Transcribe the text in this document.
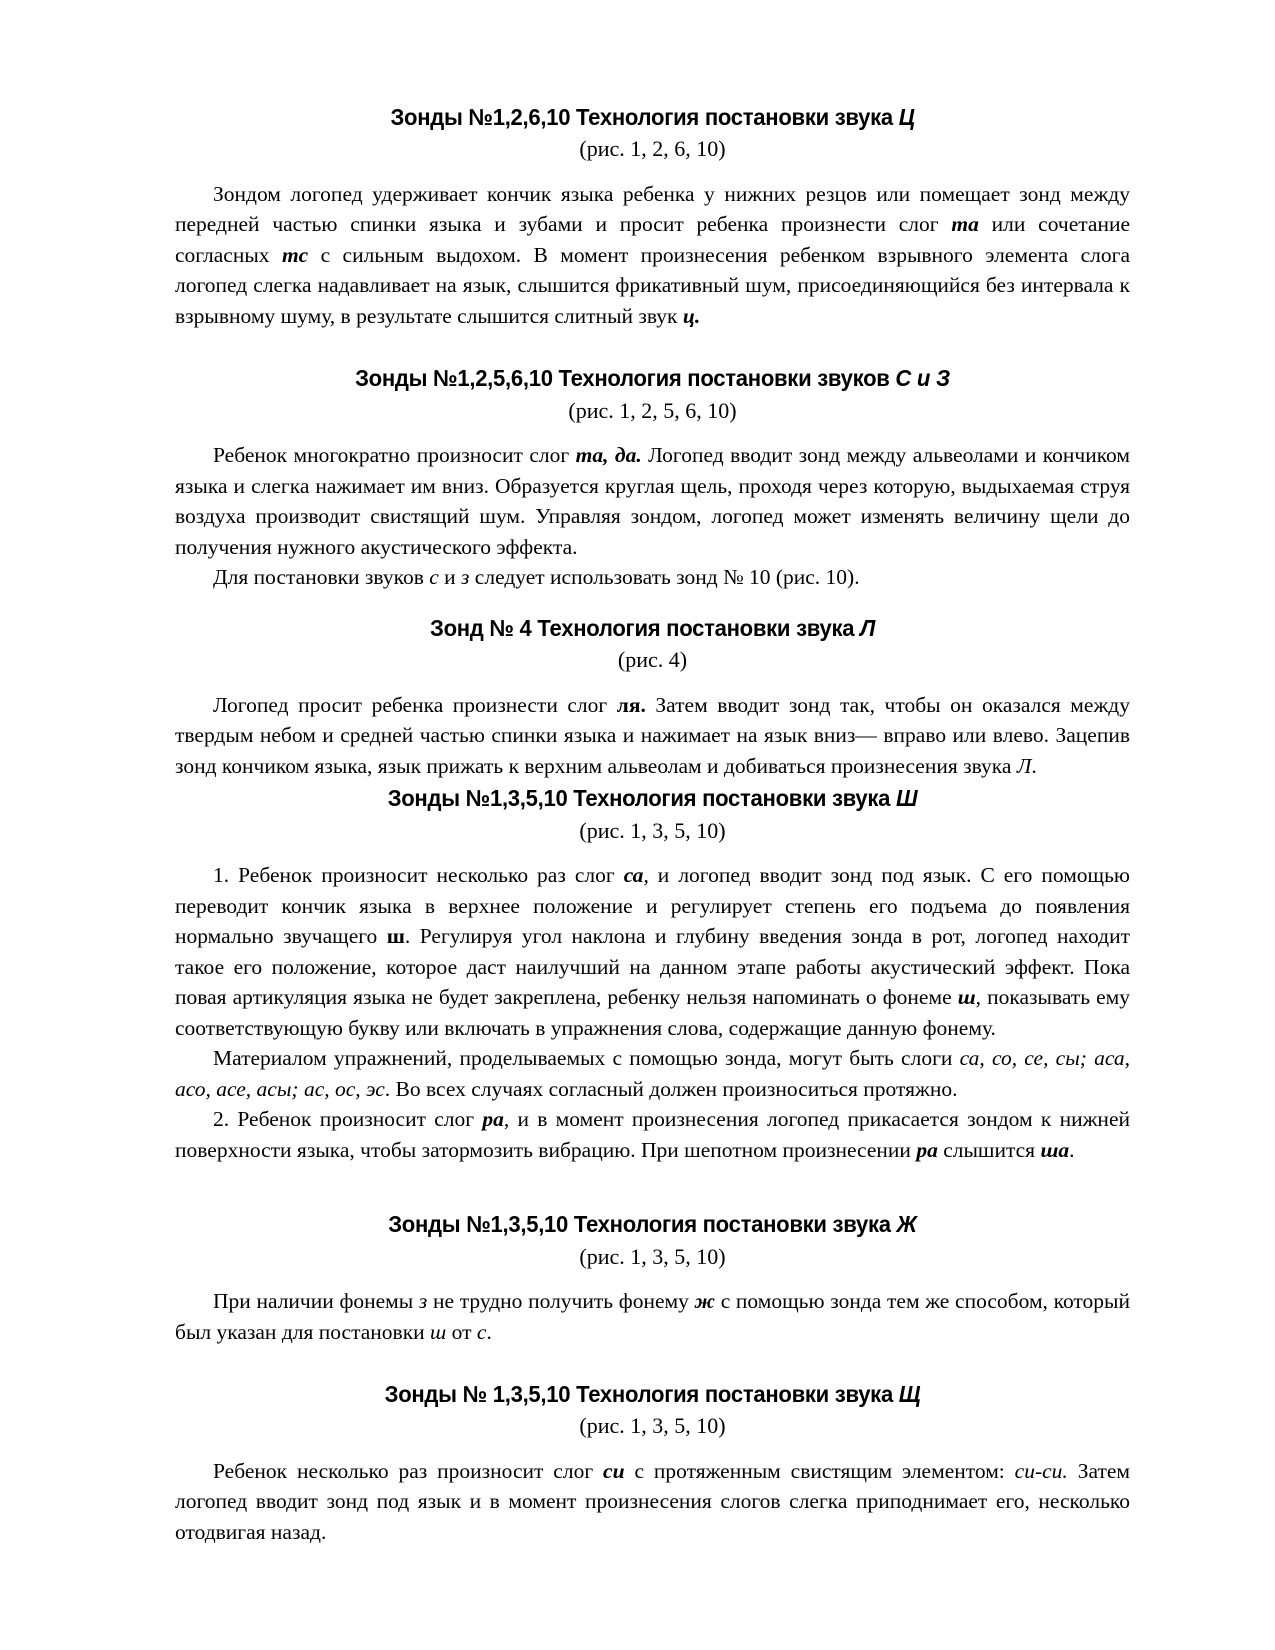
Зонды №1,2,6,10 Технология постановки звука Ц

(рис. 1, 2, 6, 10)

Зондом логопед удерживает кончик языка ребенка у нижних резцов или помещает зонд между передней частью спинки языка и зубами и просит ребенка произнести слог та или сочетание согласных тс с сильным выдохом. В момент произнесения ребенком взрывного элемента слога логопед слегка надавливает на язык, слышится фрикативный шум, присоединяющийся без интервала к взрывному шуму, в результате слышится слитный звук ц.

Зонды №1,2,5,6,10 Технология постановки звуков С и З

(рис. 1, 2, 5, 6, 10)

Ребенок многократно произносит слог та, да. Логопед вводит зонд между альвеолами и кончиком языка и слегка нажимает им вниз. Образуется круглая щель, проходя через которую, выдыхаемая струя воздуха производит свистящий шум. Управляя зондом, логопед может изменять величину щели до получения нужного акустического эффекта.

Для постановки звуков с и з следует использовать зонд № 10 (рис. 10).

Зонд № 4 Технология постановки звука Л

(рис. 4)

Логопед просит ребенка произнести слог ля. Затем вводит зонд так, чтобы он оказался между твердым небом и средней частью спинки языка и нажимает на язык вниз— вправо или влево. Зацепив зонд кончиком языка, язык прижать к верхним альвеолам и добиваться произнесения звука Л.

Зонды №1,3,5,10 Технология постановки звука Ш

(рис. 1, 3, 5, 10)

1. Ребенок произносит несколько раз слог са, и логопед вводит зонд под язык. С его помощью переводит кончик языка в верхнее положение и регулирует степень его подъема до появления нормально звучащего ш. Регулируя угол наклона и глубину введения зонда в рот, логопед находит такое его положение, которое даст наилучший на данном этапе работы акустический эффект. Пока повая артикуляция языка не будет закреплена, ребенку нельзя напоминать о фонеме ш, показывать ему соответствующую букву или включать в упражнения слова, содержащие данную фонему.

Материалом упражнений, проделываемых с помощью зонда, могут быть слоги са, со, се, сы; аса, асо, асе, асы; ас, ос, эс. Во всех случаях согласный должен произноситься протяжно.

2. Ребенок произносит слог ра, и в момент произнесения логопед прикасается зондом к нижней поверхности языка, чтобы затормозить вибрацию. При шепотном произнесении ра слышится ша.

Зонды №1,3,5,10 Технология постановки звука Ж

(рис. 1, 3, 5, 10)

При наличии фонемы з не трудно получить фонему ж с помощью зонда тем же способом, который был указан для постановки ш от с.

Зонды № 1,3,5,10 Технология постановки звука Щ

(рис. 1, 3, 5, 10)

Ребенок несколько раз произносит слог си с протяженным свистящим элементом: си-си. Затем логопед вводит зонд под язык и в момент произнесения слогов слегка приподнимает его, несколько отодвигая назад.
